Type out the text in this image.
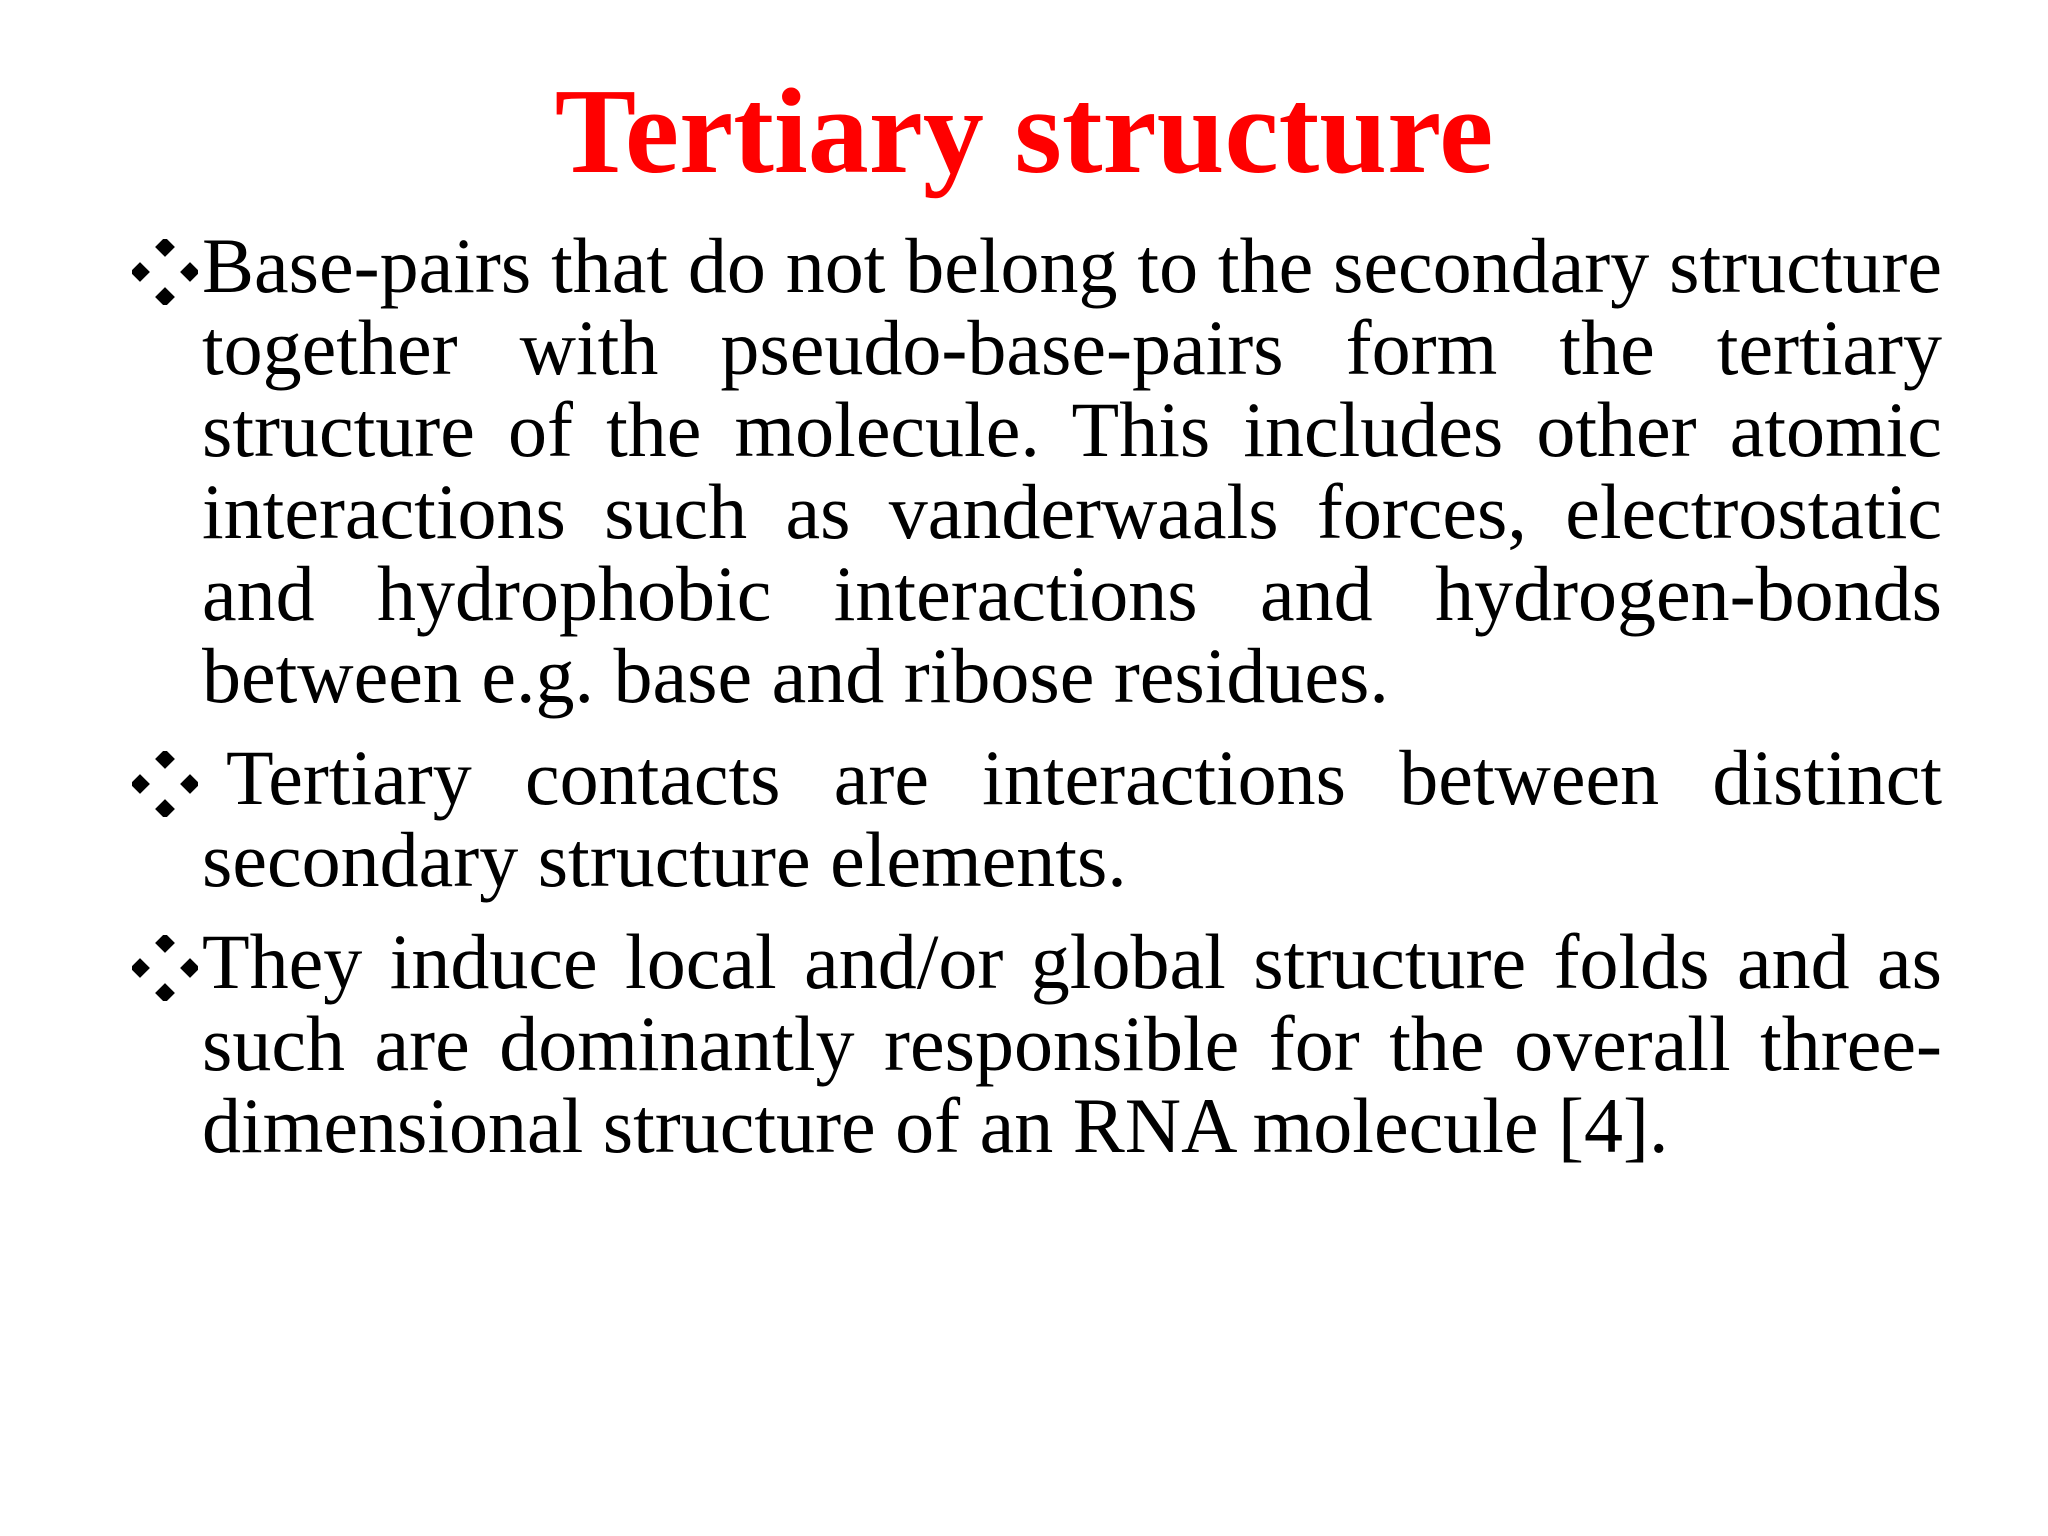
Tertiary structure
Base-pairs that do not belong to the secondary structure together with pseudo-base-pairs form the tertiary structure of the molecule. This includes other atomic interactions such as vanderwaals forces, electrostatic and hydrophobic interactions and hydrogen-bonds between e.g. base and ribose residues.
Tertiary contacts are interactions between distinct secondary structure elements.
They induce local and/or global structure folds and as such are dominantly responsible for the overall three-dimensional structure of an RNA molecule [4].
